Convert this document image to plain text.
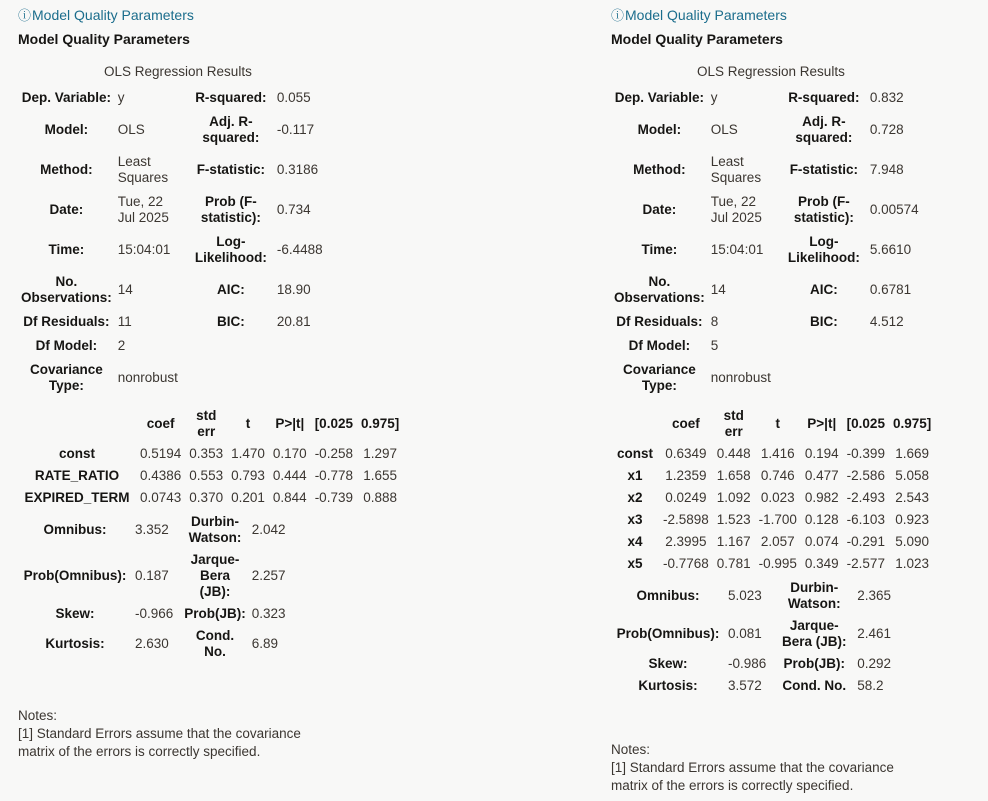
ⓘ
Model Quality Parameters
Model Quality Parameters
OLS Regression Results
Dep. Variable:	y	R-squared:	0.055
Model:	OLS	Adj. R-squared:	-0.117
Method:	Least Squares	F-statistic:	0.3186
Date:	Tue, 22 Jul 2025	Prob (F-statistic):	0.734
Time:	15:04:01	Log-Likelihood:	-6.4488
No. Observations:	14	AIC:	18.90
Df Residuals:	11	BIC:	20.81
Df Model:	2		
Covariance Type:	nonrobust		
	coef	std err	t	P>|t|	[0.025	0.975]
const	0.5194	0.353	1.470	0.170	-0.258	1.297
RATE_RATIO	0.4386	0.553	0.793	0.444	-0.778	1.655
EXPIRED_TERM	0.0743	0.370	0.201	0.844	-0.739	0.888
Omnibus:	3.352	Durbin-Watson:	2.042
Prob(Omnibus):	0.187	Jarque-Bera (JB):	2.257
Skew:	-0.966	Prob(JB):	0.323
Kurtosis:	2.630	Cond. No.	6.89
Notes:
[1] Standard Errors assume that the covariance matrix of the errors is correctly specified.
ⓘ
Model Quality Parameters
Model Quality Parameters
OLS Regression Results
Dep. Variable:	y	R-squared:	0.832
Model:	OLS	Adj. R-squared:	0.728
Method:	Least Squares	F-statistic:	7.948
Date:	Tue, 22 Jul 2025	Prob (F-statistic):	0.00574
Time:	15:04:01	Log-Likelihood:	5.6610
No. Observations:	14	AIC:	0.6781
Df Residuals:	8	BIC:	4.512
Df Model:	5		
Covariance Type:	nonrobust		
	coef	std err	t	P>|t|	[0.025	0.975]
const	0.6349	0.448	1.416	0.194	-0.399	1.669
x1	1.2359	1.658	0.746	0.477	-2.586	5.058
x2	0.0249	1.092	0.023	0.982	-2.493	2.543
x3	-2.5898	1.523	-1.700	0.128	-6.103	0.923
x4	2.3995	1.167	2.057	0.074	-0.291	5.090
x5	-0.7768	0.781	-0.995	0.349	-2.577	1.023
Omnibus:	5.023	Durbin-Watson:	2.365
Prob(Omnibus):	0.081	Jarque-Bera (JB):	2.461
Skew:	-0.986	Prob(JB):	0.292
Kurtosis:	3.572	Cond. No.	58.2
Notes:
[1] Standard Errors assume that the covariance matrix of the errors is correctly specified.
